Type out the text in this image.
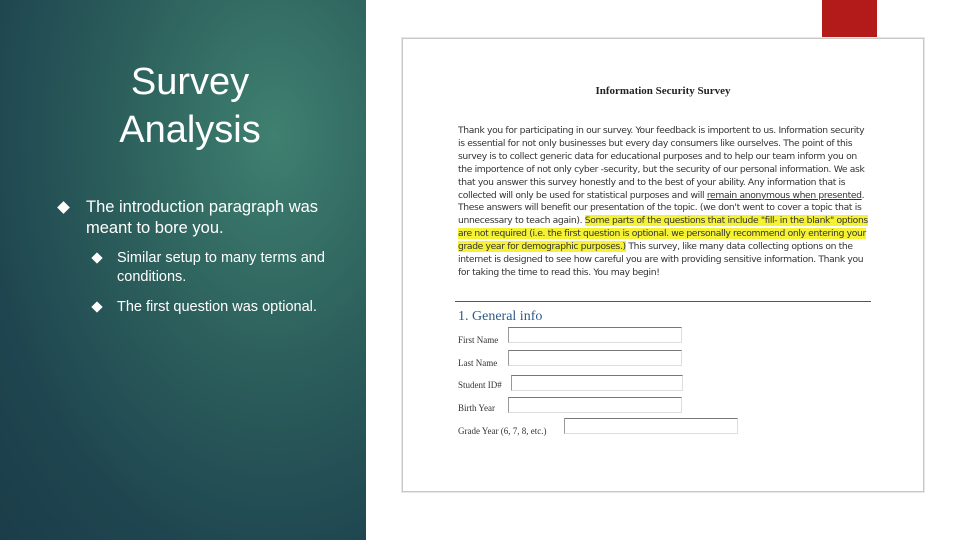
Survey
Analysis
The introduction paragraph was meant to bore you.
Similar setup to many terms and conditions.
The first question was optional.
Information Security Survey
Thank you for participating in our survey. Your feedback is importent to us. Information security is essential for not only businesses but every day consumers like ourselves. The point of this survey is to collect generic data for educational purposes and to help our team inform you on the importence of not only cyber -security, but the security of our personal information. We ask that you answer this survey honestly and to the best of your ability. Any information that is collected will only be used for statistical purposes and will remain anonymous when presented. These answers will benefit our presentation of the topic. (we don't went to cover a topic that is unnecessary to teach again). Some parts of the questions that include "fill- in the blank" options are not required (i.e. the first question is optional. we personally recommend only entering your grade year for demographic purposes.) This survey, like many data collecting options on the internet is designed to see how careful you are with providing sensitive information. Thank you for taking the time to read this. You may begin!
1. General info
First Name
Last Name
Student ID#
Birth Year
Grade Year (6, 7, 8, etc.)
